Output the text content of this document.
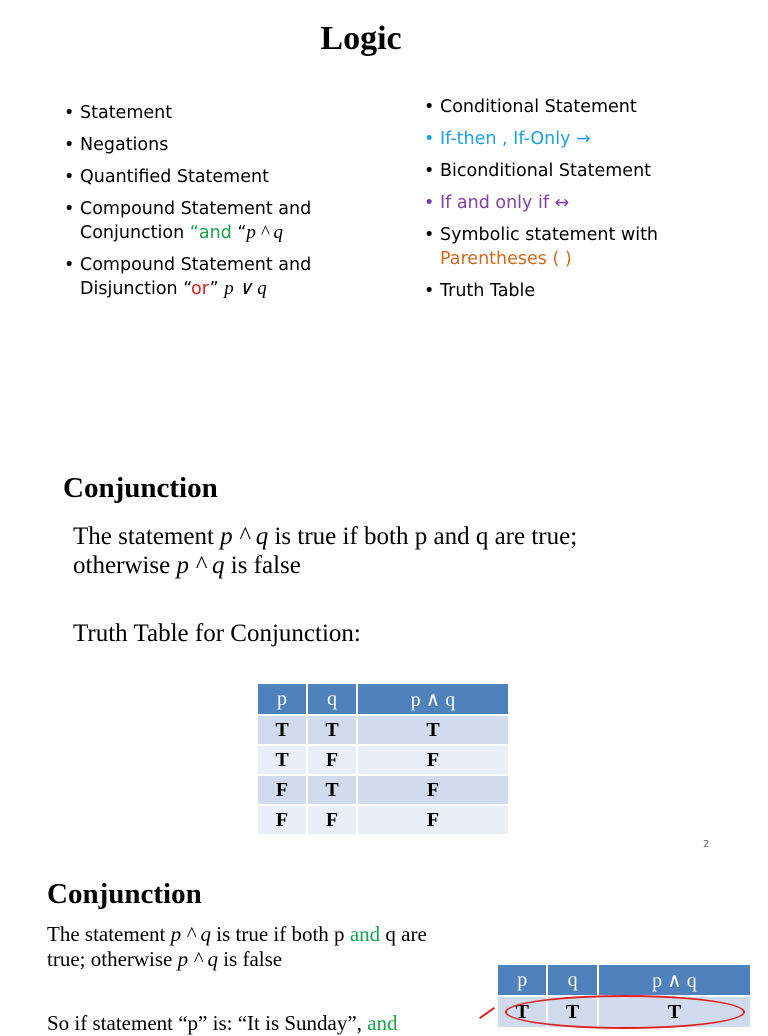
Logic
• Statement
• Negations
• Quantified Statement
• Compound Statement and
Conjunction “and “p ^ q
• Compound Statement and
Disjunction “or” p ∨ q
• Conditional Statement
• If-then , If-Only →
• Biconditional Statement
• If and only if ↔
• Symbolic statement with
Parentheses ( )
• Truth Table
Conjunction
The statement p ^ q is true if both p and q are true;
otherwise p ^ q is false
Truth Table for Conjunction:
p	q	p ∧ q
T	T	T
T	F	F
F	T	F
F	F	F
2
Conjunction
The statement p ^ q is true if both p and q are
true; otherwise p ^ q is false
So if statement “p” is: “It is Sunday”, and
p	q	p ∧ q
T	T	T
